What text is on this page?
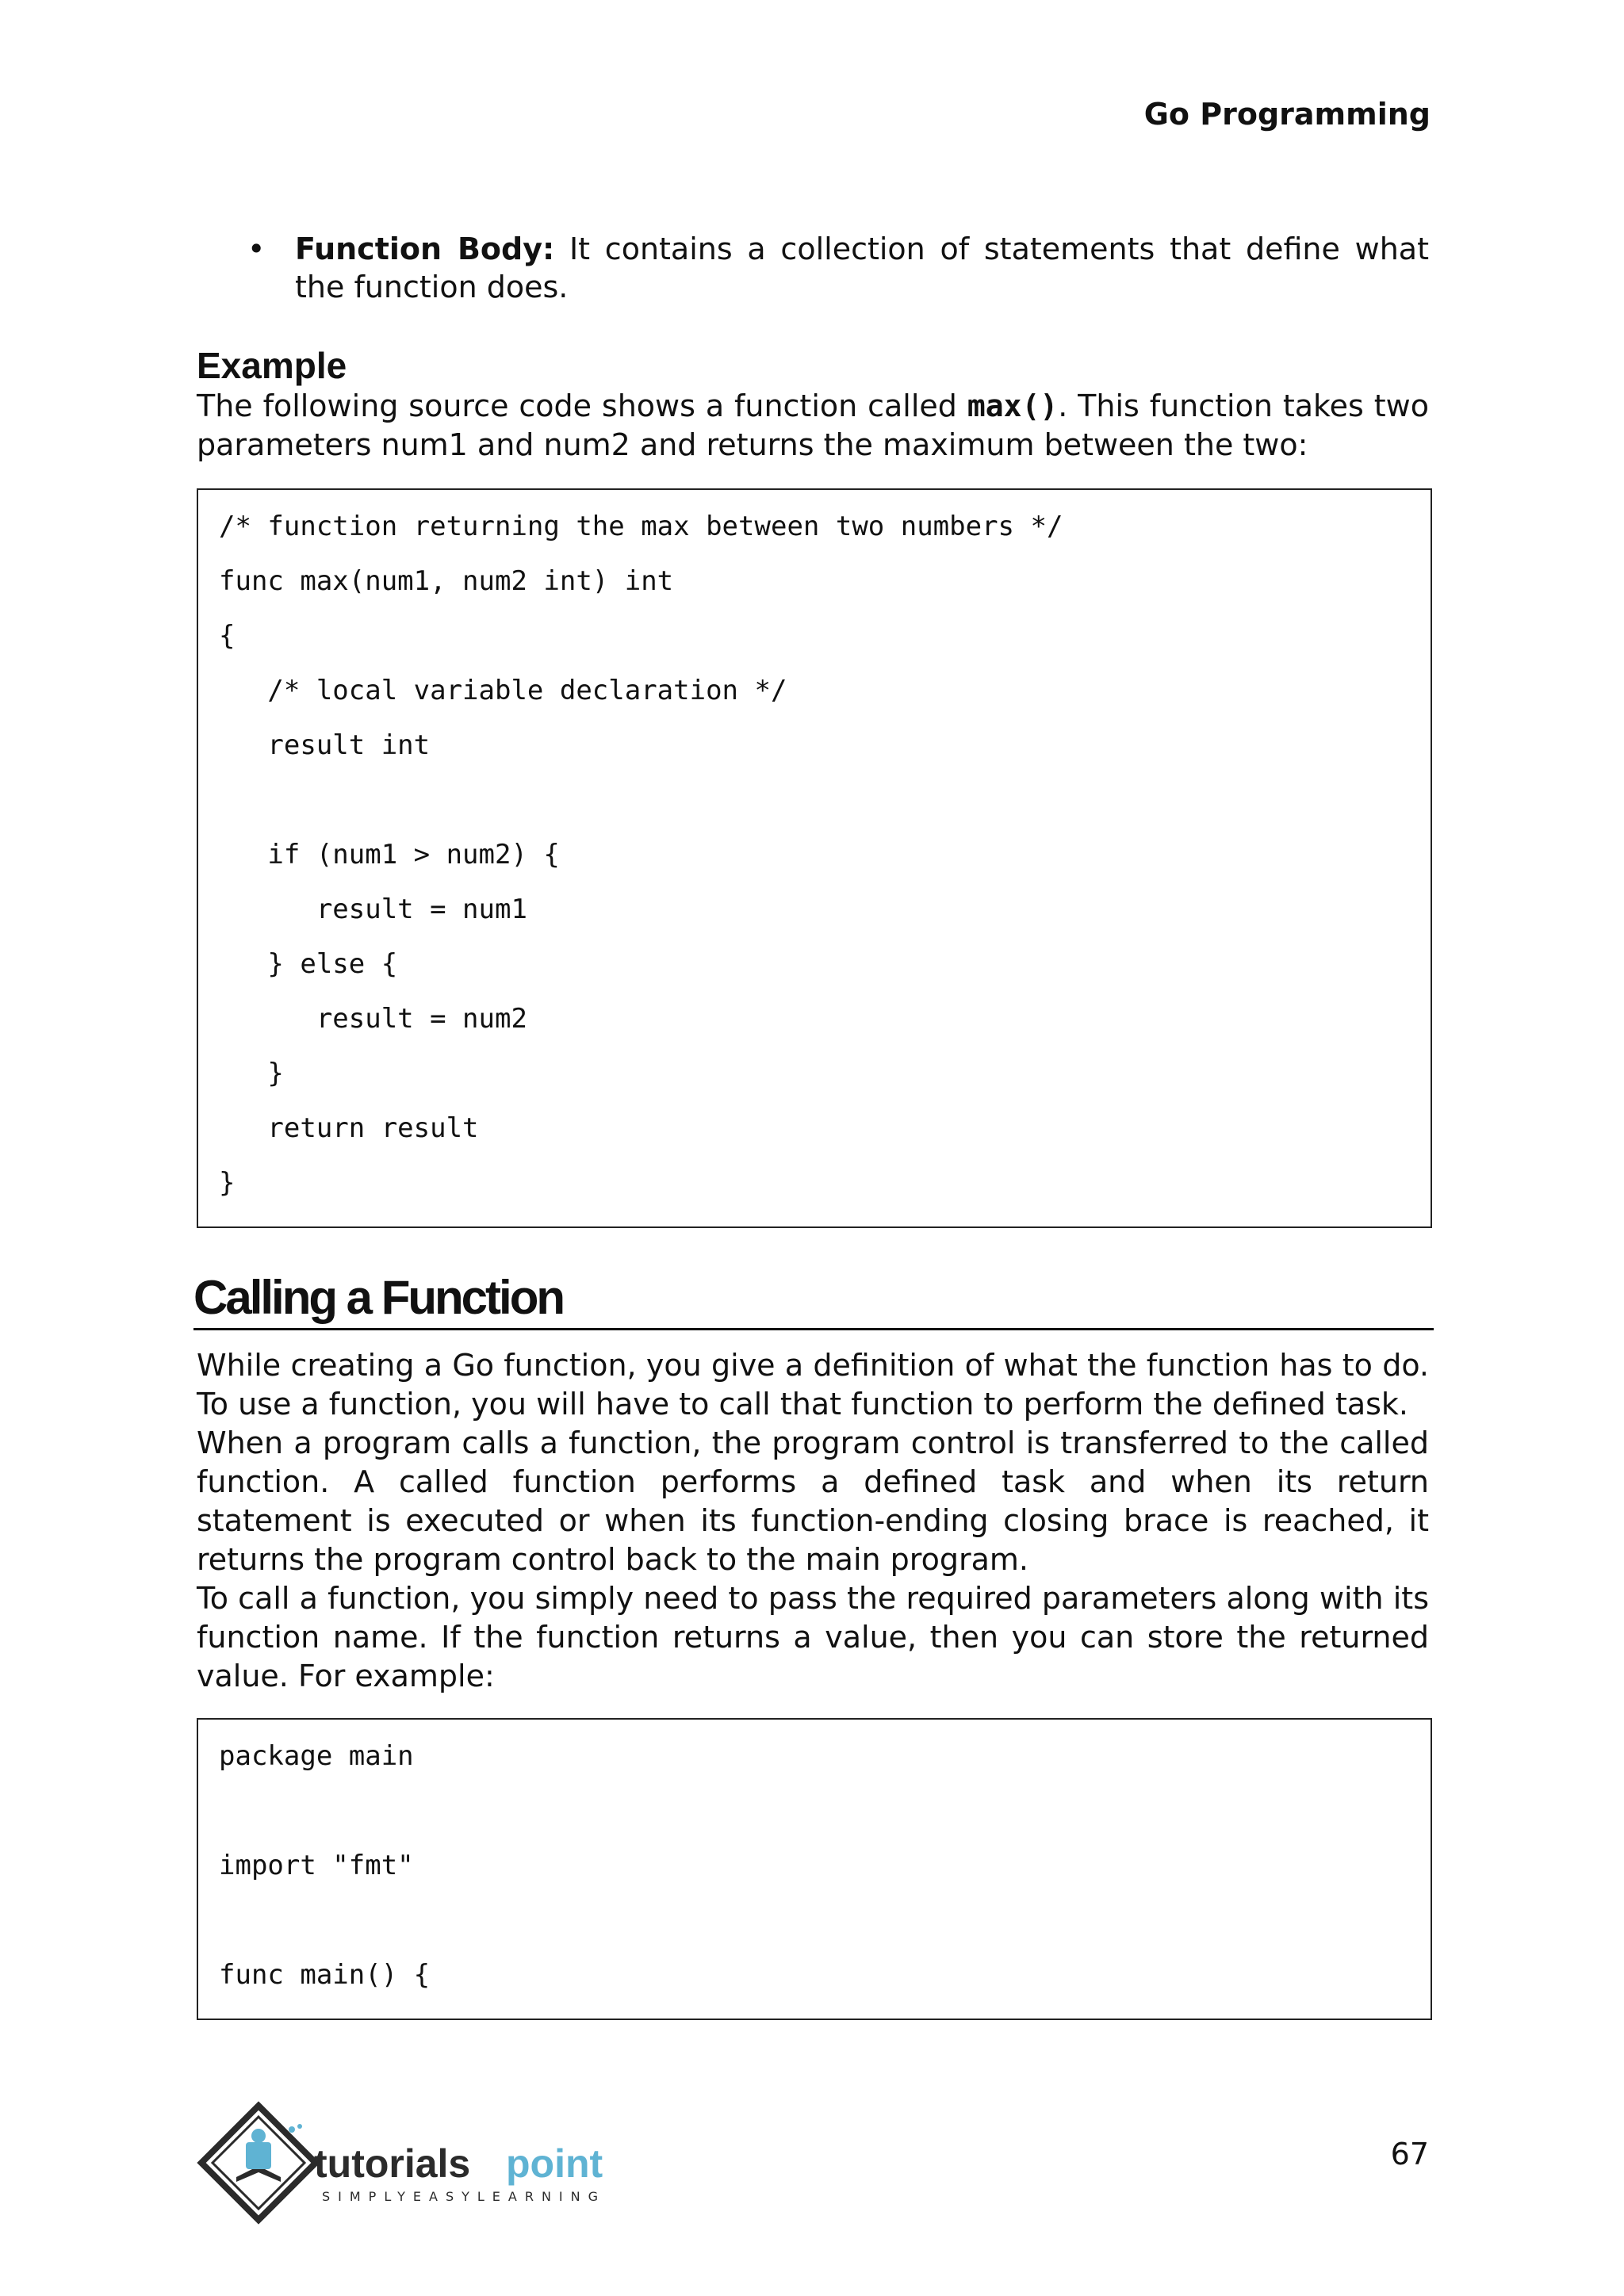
Go Programming
• Function Body: It contains a collection of statements that define what the function does.
Example

The following source code shows a function called max(). This function takes two parameters num1 and num2 and returns the maximum between the two:

/* function returning the max between two numbers */
func max(num1, num2 int) int
{
/* local variable declaration */
result int
if (num1 > num2) {
result = num1
} else {
result = num2
}
return result
}
Calling a Function

While creating a Go function, you give a definition of what the function has to do. To use a function, you will have to call that function to perform the defined task.

When a program calls a function, the program control is transferred to the called function. A called function performs a defined task and when its return statement is executed or when its function-ending closing brace is reached, it returns the program control back to the main program.

To call a function, you simply need to pass the required parameters along with its function name. If the function returns a value, then you can store the returned value. For example:

package main
import "fmt"
func main() {
tutorials point
SIMPLYEASYLEARNING
67
